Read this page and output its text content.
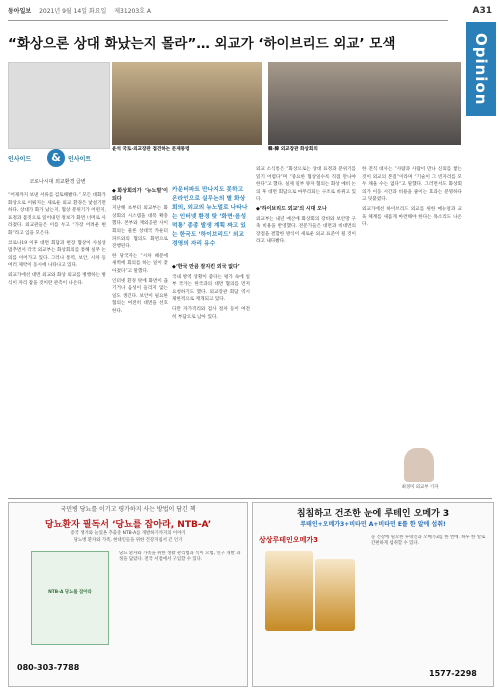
동아일보 2021년 9월 14일 화요일 제31203호 A	A31
Opinion
“화상으론 상대 화났는지 몰라”… 외교가 ‘하이브리드 외교’ 모색
윤석 국토·외교장관 접견하는 문재통령	韓-韓 외교장관 화상회의
인사이드	인사이트
&
코로나시대 외교환경 급변

“어제까지 보낸 서류를 검토해봤다.” 모든 대화가 화상으로 이뤄지는 새로운 외교 환경은 낯설기만 하다. 상대가 화가 났는지, 협상 분위기가 어떤지, 표정과 몸짓으로 읽어내던 정보가 화면 너머로 사라졌다. 외교관들은 이를 두고 “가장 어려운 변화”라고 입을 모은다.

코로나19 이후 대면 회담과 현장 협상이 사실상 멈추면서 각국 외교부는 화상회의를 통해 실무 논의를 이어가고 있다. 그러나 통역, 보안, 시차 등 여러 제약이 동시에 나타나고 있다.

외교가에선 대면 외교와 화상 외교를 병행하는 방식이 자리 잡을 것이란 관측이 나온다.

◆화상회의가 ‘뉴노멀’이 되다

지난해 초부터 외교부는 화상회의 시스템을 대폭 확충했다. 본부와 재외공관 사이 회의는 물론 상대국 카운터파트와의 협의도 화면으로 진행된다.

한 당국자는 “시차 때문에 새벽에 회의를 하는 일이 잦아졌다”고 말했다.

인터넷 환경 탓에 화면이 끊기거나 음성이 들리지 않는 일도 생긴다. 보안이 필요한 협의는 여전히 대면을 선호한다.

카운터파트 만나지도 못하고 온라인으로 실무논의 별 화상회의, 외교의 뉴노멀로 나타나는 인터넷 환경 탓 ‘화면·음성 먹통’ 종종 발생 계획 짜고 있는 한국도 ‘하이브리드’ 외교 경영의 자리 유수
◆‘한국 만큼 잘지킨 외국 없다’

국내 방역 상황이 좋다는 평가 속에 일부 국가는 한국과의 대면 협의를 먼저 요청하기도 했다. 외교장관 회담 역시 제한적으로 재개되고 있다.

다만 자가격리와 검사 절차 등이 여전히 부담으로 남아 있다.

외교 소식통은 “화상으로는 상대 표정과 분위기를 읽기 어렵다”며 “중요한 협상일수록 직접 만나야 한다”고 했다. 실제 일부 양자 협의는 화상 예비 논의 후 대면 회담으로 마무리되는 구조로 바뀌고 있다.

◆‘하이브리드 외교’의 시대 오나

외교부는 내년 예산에 화상회의 장비와 보안망 구축 비용을 반영했다. 전문가들은 대면과 비대면의 장점을 결합한 방식이 새로운 외교 표준이 될 것이라고 내다봤다.

한 전직 대사는 “사람과 사람이 만나 신뢰를 쌓는 것이 외교의 본질”이라며 “기술이 그 빈자리를 모두 채울 수는 없다”고 말했다. 그러면서도 화상회의가 이동 시간과 비용을 줄이는 효과는 분명하다고 덧붙였다.

외교가에선 하이브리드 외교를 위한 매뉴얼과 교육 체계를 새롭게 마련해야 한다는 목소리도 나온다.

최경미 외교부 기자
국민병 당뇨를 이기고 평가하지 사는 방법이 담긴 책
당뇨환자 필독서 ‘당뇨를 잡아라, NTB-A’
증국 생겨와 늘었욘 추출준 NTB-A를 개발하기까지의 이야기
당뇨병 환자와 가족, 현대인들을 위한 건강지침서 긴 인기
NTB-A 당뇨를 잡아라
당뇨 환자와 가족을 위한 생활 관리법과 식이 요법, 연구 개발 과정을 담았다. 전국 서점에서 구입할 수 있다.
080-303-7788
침침하고 건조한 눈에 루테인 오메가 3
루테인+오메가3+비타민 A+비타민 E를 한 알에 섭취!
상상루테인오메가3	눈 건강에 필요한 루테인과 오메가3를 한 번에. 하루 한 알로 간편하게 섭취할 수 있다.
1577-2298
